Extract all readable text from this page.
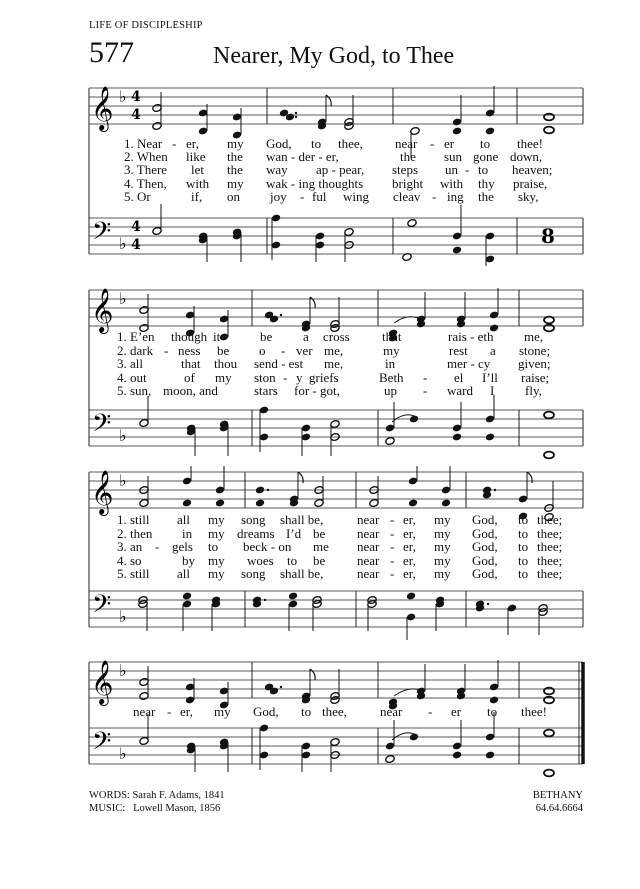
LIFE OF DISCIPLESHIP
577	Nearer, My God, to Thee
𝄞 ♭ 4
4
𝄢 ♭
4
4	8
𝄞 ♭
𝄢 ♭
𝄞 ♭
𝄢 ♭
𝄞 ♭
𝄢 ♭
1. Near - er, my God, to thee, near - er to thee!
2. When like the wan - der - er,	the sun gone down,
3. There let the way ap - pear, steps un - to heaven;
4. Then, with my wak - ing thoughts bright with thy praise,
5. Or	if, on joy - ful wing cleav - ing the sky,
1. E’en though it	be a cross that	rais - eth me,
2. dark - ness be o - ver me,	my	rest a stone;
3. all	that thou send - est me,	in	mer - cy given;
4. out	of my ston - y griefs	Beth - el I’ll raise;
5. sun, moon, and	stars for - got,	up - ward I fly,
1. still all my song shall be,	near - er, my God, to thee;
2. then in my dreams I’d be near - er, my God, to thee;
3. an - gels to beck - on me near - er, my God, to thee;
4. so	by my woes to be near - er, my God, to thee;
5. still all my song shall be,	near - er, my God, to thee;
near - er, my God, to thee,	near - er to thee!
WORDS: Sarah F. Adams, 1841
MUSIC: Lowell Mason, 1856
BETHANY
64.64.6664
